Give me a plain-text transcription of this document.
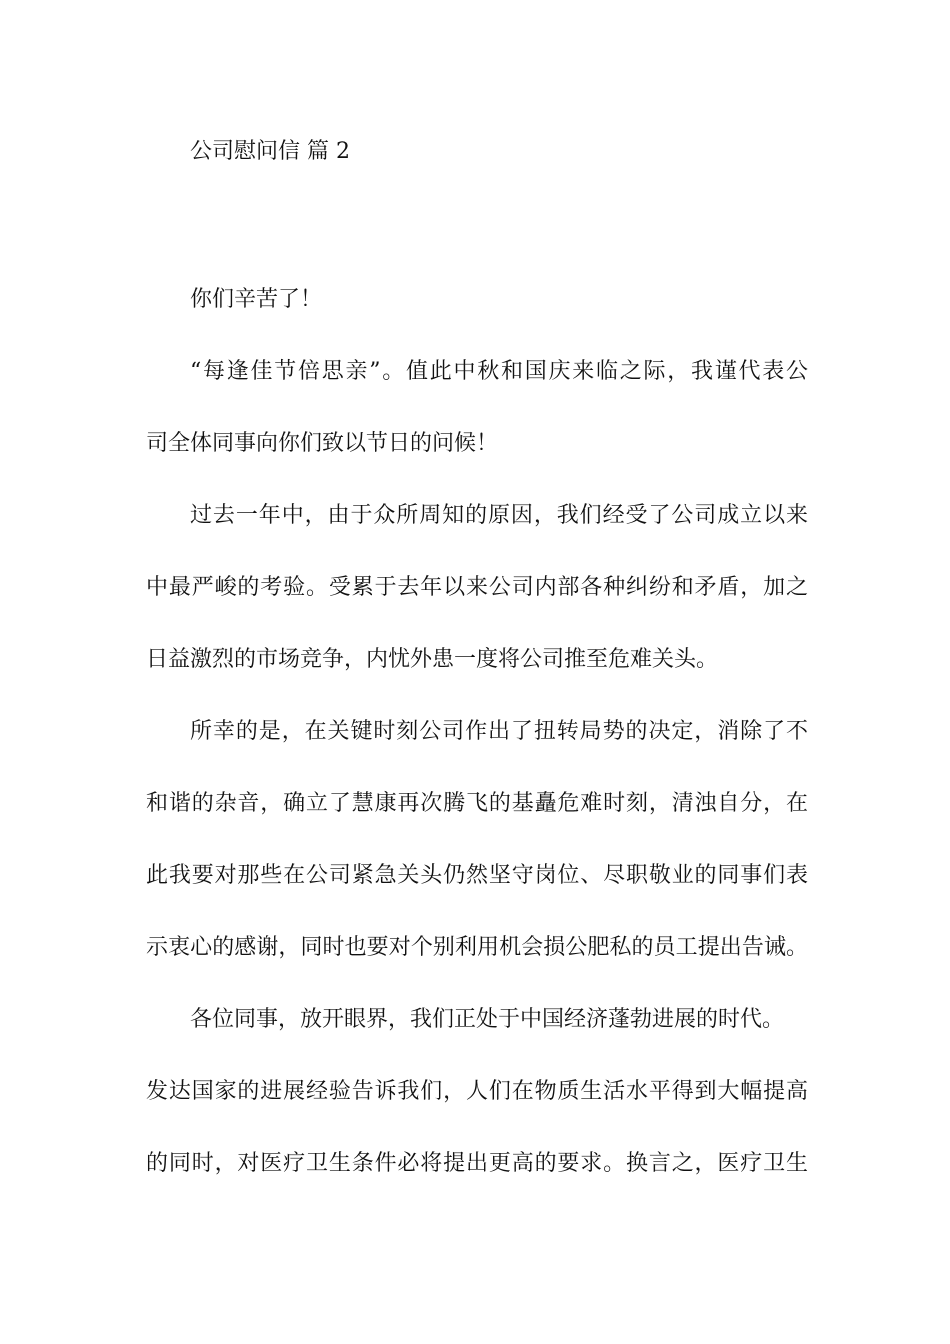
公司慰问信 篇 2
你们辛苦了！
“每逢佳节倍思亲”。值此中秋和国庆来临之际，我谨代表公
司全体同事向你们致以节日的问候！
过去一年中，由于众所周知的原因，我们经受了公司成立以来
中最严峻的考验。受累于去年以来公司内部各种纠纷和矛盾，加之
日益激烈的市场竞争，内忧外患一度将公司推至危难关头。
所幸的是，在关键时刻公司作出了扭转局势的决定，消除了不
和谐的杂音，确立了慧康再次腾飞的基矗危难时刻，清浊自分，在
此我要对那些在公司紧急关头仍然坚守岗位、尽职敬业的同事们表
示衷心的感谢，同时也要对个别利用机会损公肥私的员工提出告诫。
各位同事，放开眼界，我们正处于中国经济蓬勃进展的时代。
发达国家的进展经验告诉我们，人们在物质生活水平得到大幅提高
的同时，对医疗卫生条件必将提出更高的要求。换言之，医疗卫生
